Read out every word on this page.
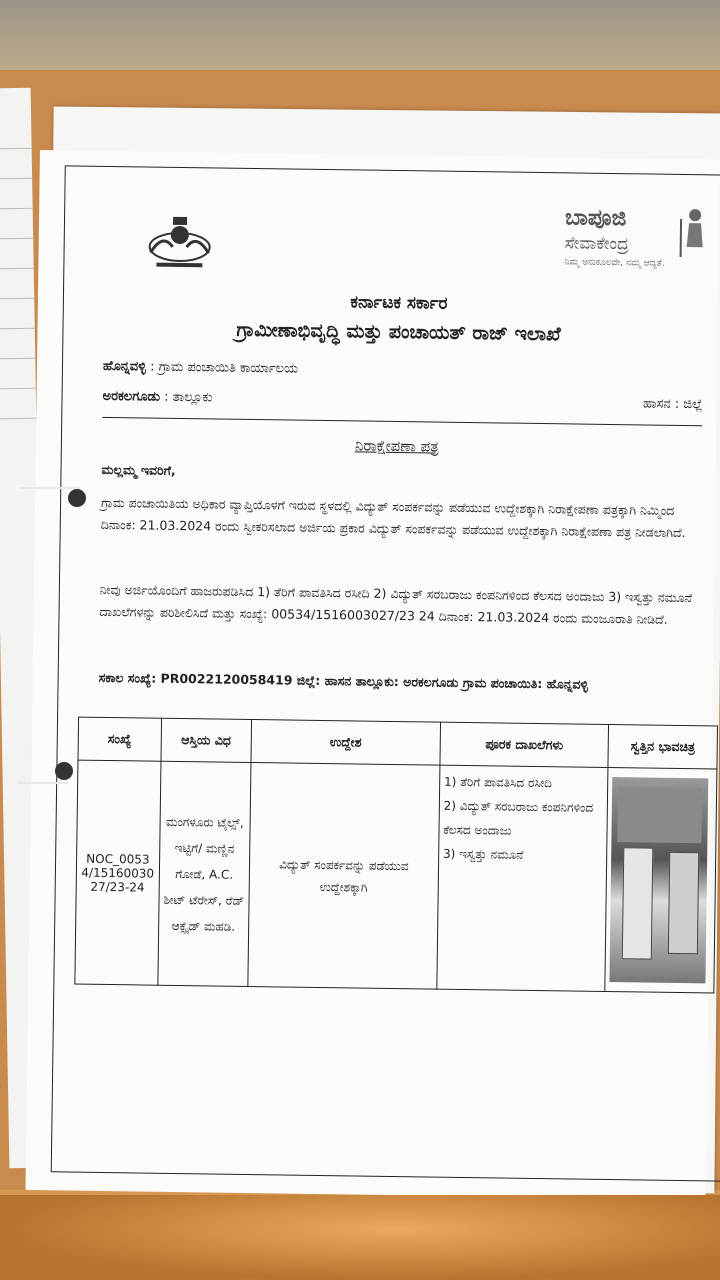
ಬಾಪೂಜಿ
ಸೇವಾಕೇಂದ್ರ
ನಿಮ್ಮ ಅನುಕೂಲವೇ, ನಮ್ಮ ಆದ್ಯತೆ.
ಕರ್ನಾಟಕ ಸರ್ಕಾರ
ಗ್ರಾಮೀಣಾಭಿವೃದ್ಧಿ ಮತ್ತು ಪಂಚಾಯತ್ ರಾಜ್ ಇಲಾಖೆ
ಹೊನ್ನವಳ್ಳಿ : ಗ್ರಾಮ ಪಂಚಾಯಿತಿ ಕಾರ್ಯಾಲಯ
ಅರಕಲಗೂಡು : ತಾಲ್ಲೂಕು	ಹಾಸನ : ಜಿಲ್ಲೆ
ನಿರಾಕ್ಷೇಪಣಾ ಪತ್ರ
ಮಲ್ಲಮ್ಮ ಇವರಿಗೆ,
ಗ್ರಾಮ ಪಂಚಾಯಿತಿಯ ಅಧಿಕಾರ ವ್ಯಾಪ್ತಿಯೊಳಗೆ ಇರುವ ಸ್ಥಳದಲ್ಲಿ ವಿದ್ಯುತ್ ಸಂಪರ್ಕವನ್ನು ಪಡೆಯುವ ಉದ್ದೇಶಕ್ಕಾಗಿ ನಿರಾಕ್ಷೇಪಣಾ ಪತ್ರಕ್ಕಾಗಿ ನಿಮ್ಮಿಂದ ದಿನಾಂಕ: 21.03.2024 ರಂದು ಸ್ವೀಕರಿಸಲಾದ ಅರ್ಜಿಯ ಪ್ರಕಾರ ವಿದ್ಯುತ್ ಸಂಪರ್ಕವನ್ನು ಪಡೆಯುವ ಉದ್ದೇಶಕ್ಕಾಗಿ ನಿರಾಕ್ಷೇಪಣಾ ಪತ್ರ ನೀಡಲಾಗಿದೆ.
ನೀವು ಅರ್ಜಿಯೊಂದಿಗೆ ಹಾಜರುಪಡಿಸಿದ 1) ತೆರಿಗೆ ಪಾವತಿಸಿದ ರಸೀದಿ 2) ವಿದ್ಯುತ್ ಸರಬರಾಜು ಕಂಪನಿಗಳಿಂದ ಕೆಲಸದ ಅಂದಾಜು 3) ಇಸ್ವತ್ತು ನಮೂನೆ ದಾಖಲೆಗಳನ್ನು ಪರಿಶೀಲಿಸಿದೆ ಮತ್ತು ಸಂಖ್ಯೆ: 00534/1516003027/23 24 ದಿನಾಂಕ: 21.03.2024 ರಂದು ಮಂಜೂರಾತಿ ನೀಡಿದೆ.
ಸಕಾಲ ಸಂಖ್ಯೆ: PR0022120058419 ಜಿಲ್ಲೆ: ಹಾಸನ ತಾಲ್ಲೂಕು: ಅರಕಲಗೂಡು ಗ್ರಾಮ ಪಂಚಾಯಿತಿ: ಹೊನ್ನವಳ್ಳಿ
ಸಂಖ್ಯೆ	ಆಸ್ತಿಯ ವಿಧ	ಉದ್ದೇಶ	ಪೂರಕ ದಾಖಲೆಗಳು	ಸ್ವತ್ತಿನ ಭಾವಚಿತ್ರ
NOC_00534/1516003027/23-24	ಮಂಗಳೂರು ಟೈಲ್ಸ್, ಇಟ್ಟಿಗೆ/ ಮಣ್ಣಿನ ಗೋಡೆ, A.C. ಶೀಟ್ ಟೆರೇಸ್, ರೆಡ್ ಆಕ್ಸೈಡ್ ಮಹಡಿ.	ವಿದ್ಯುತ್ ಸಂಪರ್ಕವನ್ನು ಪಡೆಯುವ ಉದ್ದೇಶಕ್ಕಾಗಿ	1) ತೆರಿಗೆ ಪಾವತಿಸಿದ ರಸೀದಿ
2) ವಿದ್ಯುತ್ ಸರಬರಾಜು ಕಂಪನಿಗಳಿಂದ ಕೆಲಸದ ಅಂದಾಜು
3) ಇಸ್ವತ್ತು ನಮೂನೆ	
